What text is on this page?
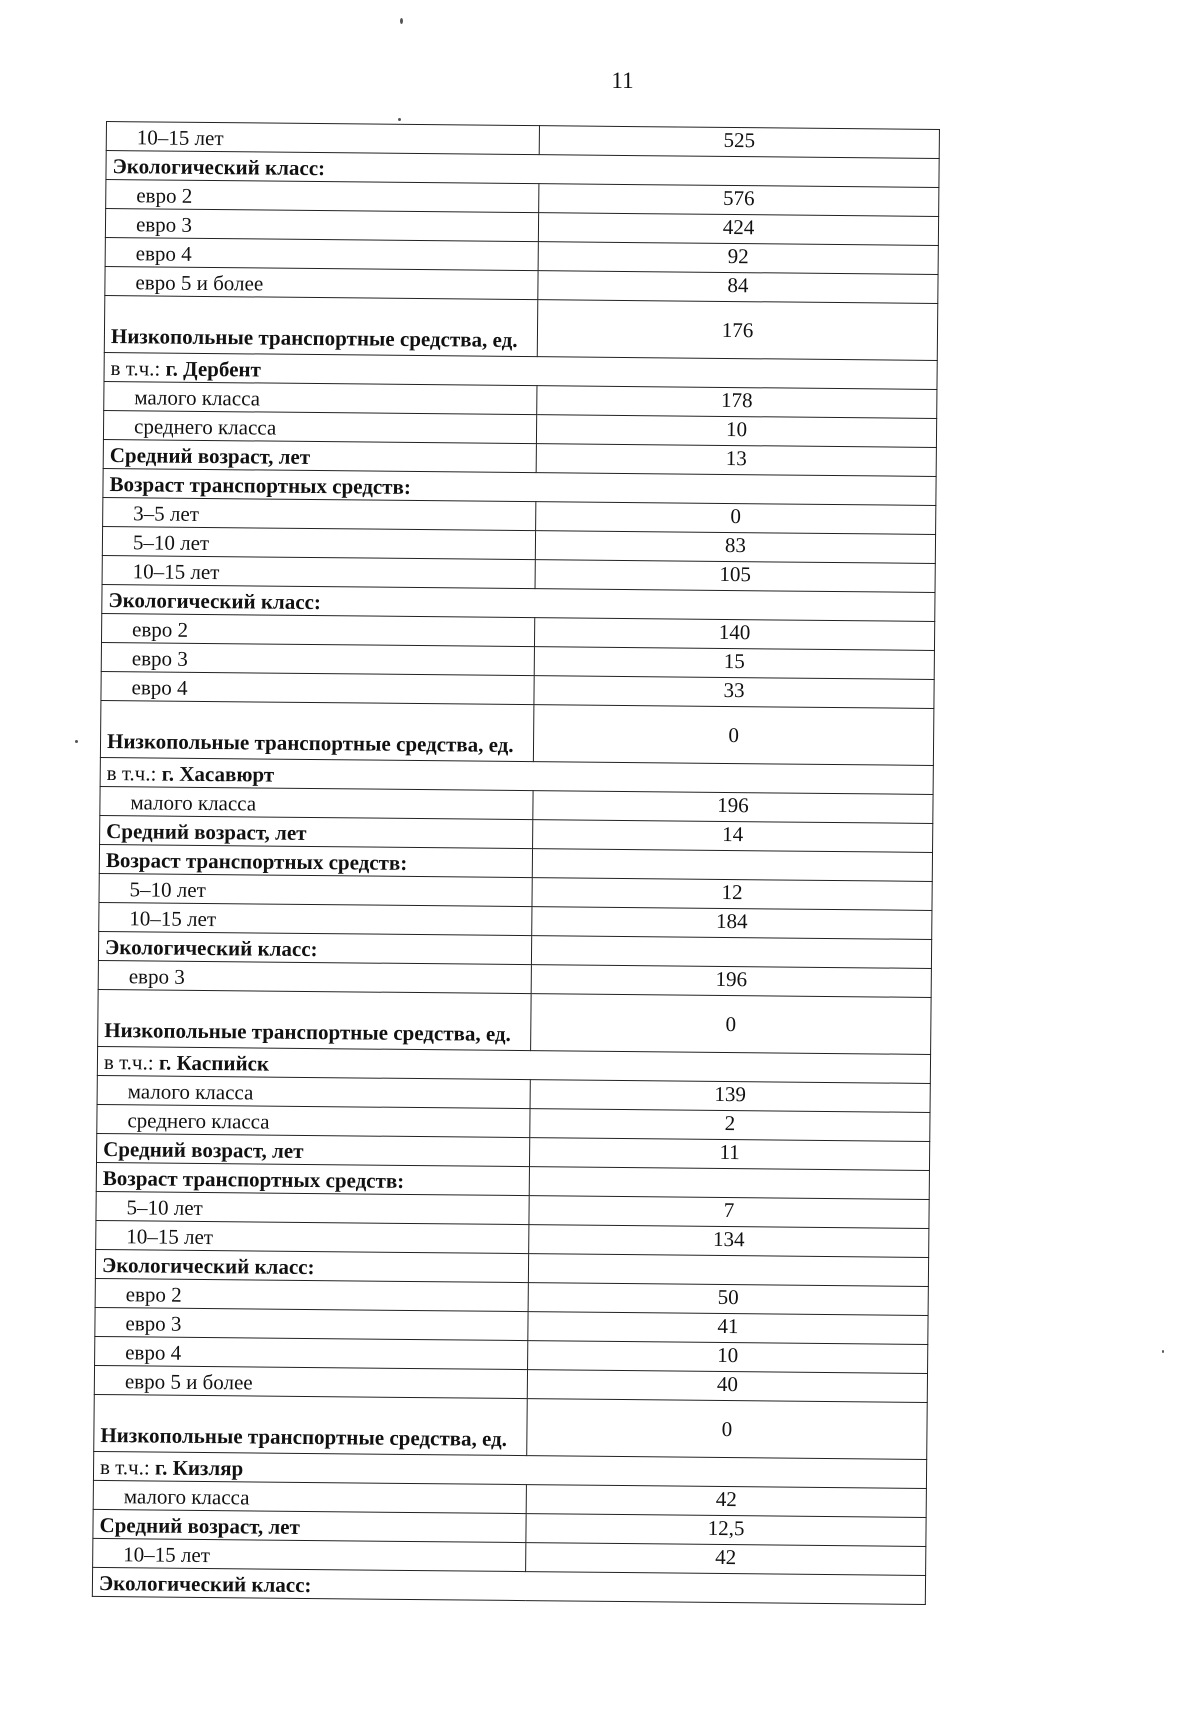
11
10–15 лет	525
Экологический класс:	
евро 2	576
евро 3	424
евро 4	92
евро 5 и более	84
Низкопольные транспортные средства, ед.	176
в т.ч.: г. Дербент	
малого класса	178
среднего класса	10
Средний возраст, лет	13
Возраст транспортных средств:	
3–5 лет	0
5–10 лет	83
10–15 лет	105
Экологический класс:	
евро 2	140
евро 3	15
евро 4	33
Низкопольные транспортные средства, ед.	0
в т.ч.: г. Хасавюрт	
малого класса	196
Средний возраст, лет	14
Возраст транспортных средств:	
5–10 лет	12
10–15 лет	184
Экологический класс:	
евро 3	196
Низкопольные транспортные средства, ед.	0
в т.ч.: г. Каспийск	
малого класса	139
среднего класса	2
Средний возраст, лет	11
Возраст транспортных средств:	
5–10 лет	7
10–15 лет	134
Экологический класс:	
евро 2	50
евро 3	41
евро 4	10
евро 5 и более	40
Низкопольные транспортные средства, ед.	0
в т.ч.: г. Кизляр	
малого класса	42
Средний возраст, лет	12,5
10–15 лет	42
Экологический класс:	
